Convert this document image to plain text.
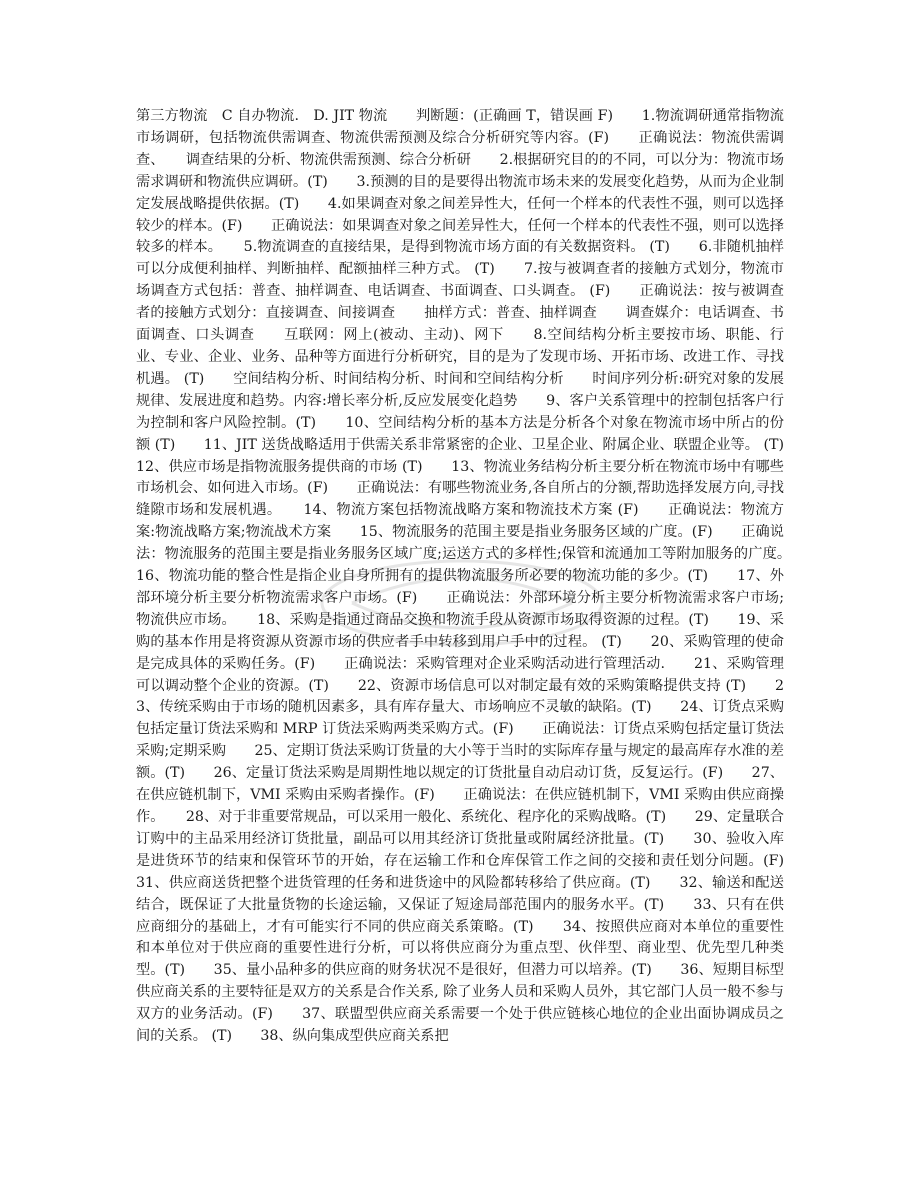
第三方物流　C 自办物流.　D. JIT 物流　　判断题：(正确画 T，错误画 F)　　1.物流调研通常指物流市场调研，包括物流供需调查、物流供需预测及综合分析研究等内容。(F)　　正确说法：物流供需调查、　　调查结果的分析、物流供需预测、综合分析研　　2.根据研究目的的不同，可以分为：物流市场需求调研和物流供应调研。(T)　　3.预测的目的是要得出物流市场未来的发展变化趋势，从而为企业制定发展战略提供依据。(T)　　4.如果调查对象之间差异性大，任何一个样本的代表性不强，则可以选择较少的样本。(F)　　正确说法：如果调查对象之间差异性大，任何一个样本的代表性不强，则可以选择较多的样本。　　5.物流调查的直接结果，是得到物流市场方面的有关数据资料。 (T)　　6.非随机抽样可以分成便利抽样、判断抽样、配额抽样三种方式。 (T)　　7.按与被调查者的接触方式划分，物流市场调查方式包括：普查、抽样调查、电话调查、书面调查、口头调查。 (F)　　正确说法：按与被调查者的接触方式划分：直接调查、间接调查　　抽样方式：普查、抽样调查　　调查媒介：电话调查、书面调查、口头调查　　互联网：网上(被动、主动)、网下　　8.空间结构分析主要按市场、职能、行业、专业、企业、业务、品种等方面进行分析研究，目的是为了发现市场、开拓市场、改进工作、寻找机遇。 (T)　　空间结构分析、时间结构分析、时间和空间结构分析　　时间序列分析:研究对象的发展规律、发展进度和趋势。内容:增长率分析,反应发展变化趋势　　9、客户关系管理中的控制包括客户行为控制和客户风险控制。(T)　　10、空间结构分析的基本方法是分析各个对象在物流市场中所占的份额 (T)　　11、JIT 送货战略适用于供需关系非常紧密的企业、卫星企业、附属企业、联盟企业等。 (T)　　12、供应市场是指物流服务提供商的市场 (T)　　13、物流业务结构分析主要分析在物流市场中有哪些市场机会、如何进入市场。(F)　　正确说法：有哪些物流业务,各自所占的分额,帮助选择发展方向,寻找缝隙市场和发展机遇。　　14、物流方案包括物流战略方案和物流技术方案 (F)　　正确说法：物流方案:物流战略方案;物流战术方案　　15、物流服务的范围主要是指业务服务区域的广度。(F)　　正确说法：物流服务的范围主要是指业务服务区域广度;运送方式的多样性;保管和流通加工等附加服务的广度。　　16、物流功能的整合性是指企业自身所拥有的提供物流服务所必要的物流功能的多少。(T)　　17、外部环境分析主要分析物流需求客户市场。(F)　　正确说法：外部环境分析主要分析物流需求客户市场;物流供应市场。　　18、采购是指通过商品交换和物流手段从资源市场取得资源的过程。(T)　　19、采购的基本作用是将资源从资源市场的供应者手中转移到用户手中的过程。 (T)　　20、采购管理的使命是完成具体的采购任务。(F)　　正确说法：采购管理对企业采购活动进行管理活动.　　21、采购管理可以调动整个企业的资源。(T)　　22、资源市场信息可以对制定最有效的采购策略提供支持 (T)　　23、传统采购由于市场的随机因素多，具有库存量大、市场响应不灵敏的缺陷。(T)　　24、订货点采购包括定量订货法采购和 MRP 订货法采购两类采购方式。(F)　　正确说法：订货点采购包括定量订货法采购;定期采购　　25、定期订货法采购订货量的大小等于当时的实际库存量与规定的最高库存水准的差额。(T)　　26、定量订货法采购是周期性地以规定的订货批量自动启动订货，反复运行。(F)　　27、在供应链机制下，VMI 采购由采购者操作。(F)　　正确说法：在供应链机制下，VMI 采购由供应商操作。　　28、对于非重要常规品，可以采用一般化、系统化、程序化的采购战略。(T)　　29、定量联合订购中的主品采用经济订货批量，副品可以用其经济订货批量或附属经济批量。(T)　　30、验收入库是进货环节的结束和保管环节的开始，存在运输工作和仓库保管工作之间的交接和责任划分问题。(F)　　31、供应商送货把整个进货管理的任务和进货途中的风险都转移给了供应商。(T)　　32、输送和配送结合，既保证了大批量货物的长途运输，又保证了短途局部范围内的服务水平。(T)　　33、只有在供应商细分的基础上，才有可能实行不同的供应商关系策略。(T)　　34、按照供应商对本单位的重要性和本单位对于供应商的重要性进行分析，可以将供应商分为重点型、伙伴型、商业型、优先型几种类型。(T)　　35、量小品种多的供应商的财务状况不是很好，但潜力可以培养。(T)　　36、短期目标型供应商关系的主要特征是双方的关系是合作关系, 除了业务人员和采购人员外，其它部门人员一般不参与双方的业务活动。(F)　　37、联盟型供应商关系需要一个处于供应链核心地位的企业出面协调成员之间的关系。 (T)　　38、纵向集成型供应商关系把
